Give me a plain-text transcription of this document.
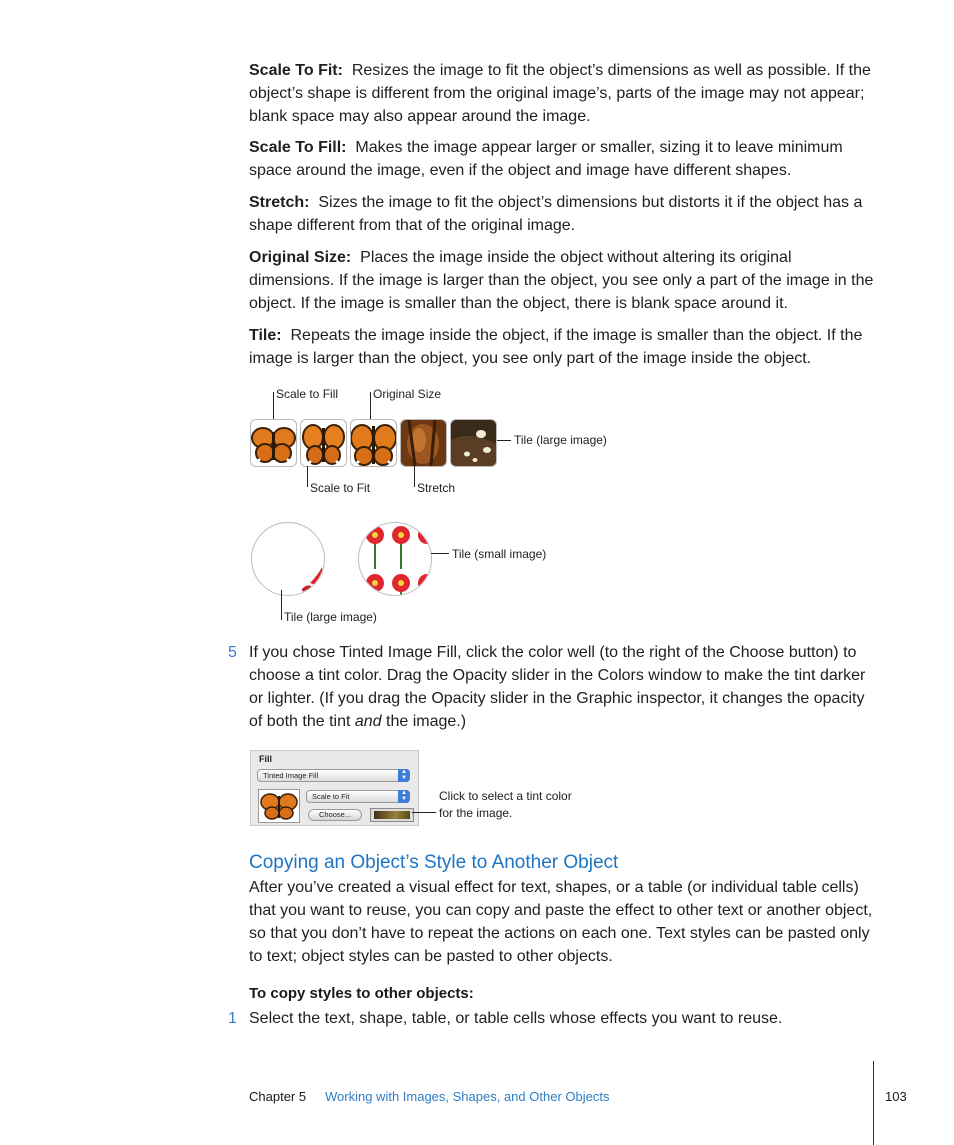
Scale To Fit: Resizes the image to fit the object’s dimensions as well as possible. If the object’s shape is different from the original image’s, parts of the image may not appear; blank space may also appear around the image.
Scale To Fill: Makes the image appear larger or smaller, sizing it to leave minimum space around the image, even if the object and image have different shapes.
Stretch: Sizes the image to fit the object’s dimensions but distorts it if the object has a shape different from that of the original image.
Original Size: Places the image inside the object without altering its original dimensions. If the image is larger than the object, you see only a part of the image in the object. If the image is smaller than the object, there is blank space around it.
Tile: Repeats the image inside the object, if the image is smaller than the object. If the image is larger than the object, you see only part of the image inside the object.
Scale to Fill	Original Size
Tile (large image)
Scale to Fit	Stretch
Tile (small image)
Tile (large image)
5 If you chose Tinted Image Fill, click the color well (to the right of the Choose button) to choose a tint color. Drag the Opacity slider in the Colors window to make the tint darker or lighter. (If you drag the Opacity slider in the Graphic inspector, it changes the opacity of both the tint and the image.)
Fill
Tinted Image Fill	▲
▼
Scale to Fit	▲
▼
Choose...
Click to select a tint color
for the image.
Copying an Object’s Style to Another Object
After you’ve created a visual effect for text, shapes, or a table (or individual table cells) that you want to reuse, you can copy and paste the effect to other text or another object, so that you don’t have to repeat the actions on each one. Text styles can be pasted only to text; object styles can be pasted to other objects.
To copy styles to other objects:
1 Select the text, shape, table, or table cells whose effects you want to reuse.
Chapter 5 Working with Images, Shapes, and Other Objects	103
